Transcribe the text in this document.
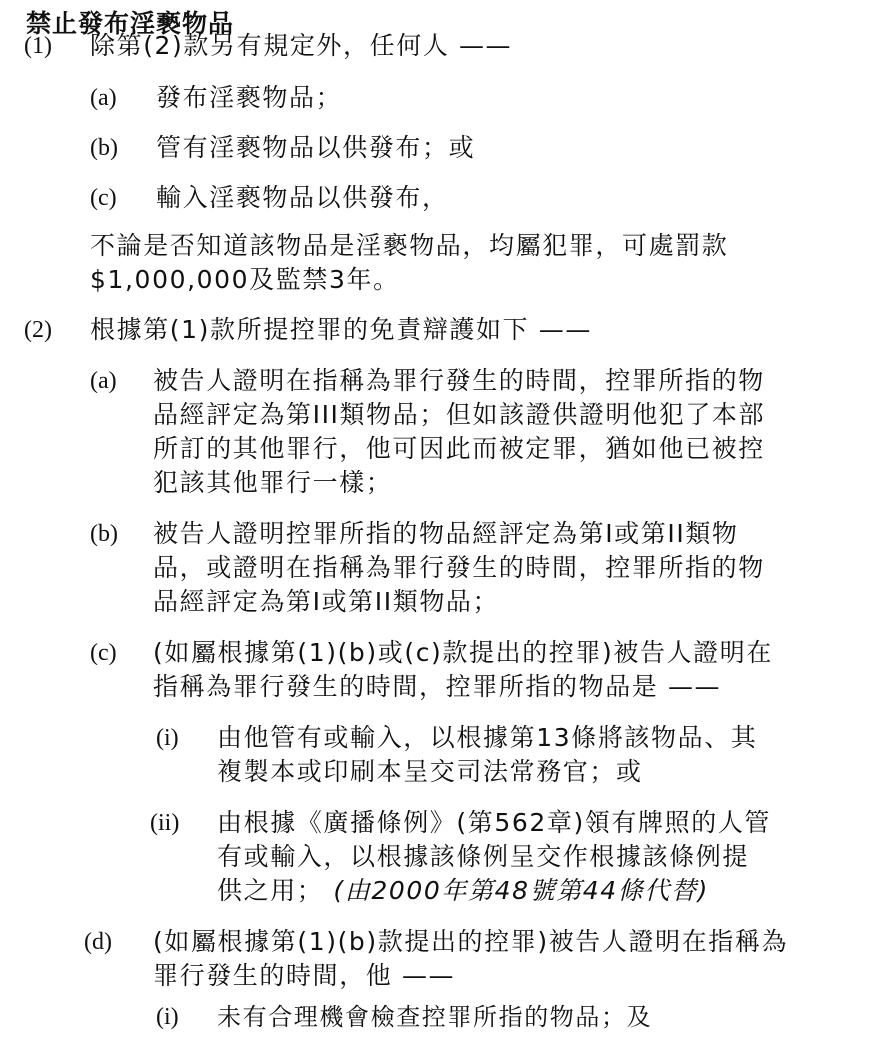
禁止發布淫褻物品
(1) 除第(2)款另有規定外，任何人 ——
(a) 發布淫褻物品；
(b) 管有淫褻物品以供發布；或
(c) 輸入淫褻物品以供發布，
不論是否知道該物品是淫褻物品，均屬犯罪，可處罰款
$1,000,000及監禁3年。
(2) 根據第(1)款所提控罪的免責辯護如下 ——
(a) 被告人證明在指稱為罪行發生的時間，控罪所指的物
品經評定為第III類物品；但如該證供證明他犯了本部
所訂的其他罪行，他可因此而被定罪，猶如他已被控
犯該其他罪行一樣；
(b) 被告人證明控罪所指的物品經評定為第I或第II類物
品，或證明在指稱為罪行發生的時間，控罪所指的物
品經評定為第I或第II類物品；
(c) (如屬根據第(1)(b)或(c)款提出的控罪)被告人證明在
指稱為罪行發生的時間，控罪所指的物品是 ——
(i) 由他管有或輸入，以根據第13條將該物品、其
複製本或印刷本呈交司法常務官；或
(ii) 由根據《廣播條例》(第562章)領有牌照的人管
有或輸入，以根據該條例呈交作根據該條例提
供之用； (由2000年第48號第44條代替)
(d) (如屬根據第(1)(b)款提出的控罪)被告人證明在指稱為
罪行發生的時間，他 ——
(i) 未有合理機會檢查控罪所指的物品；及
